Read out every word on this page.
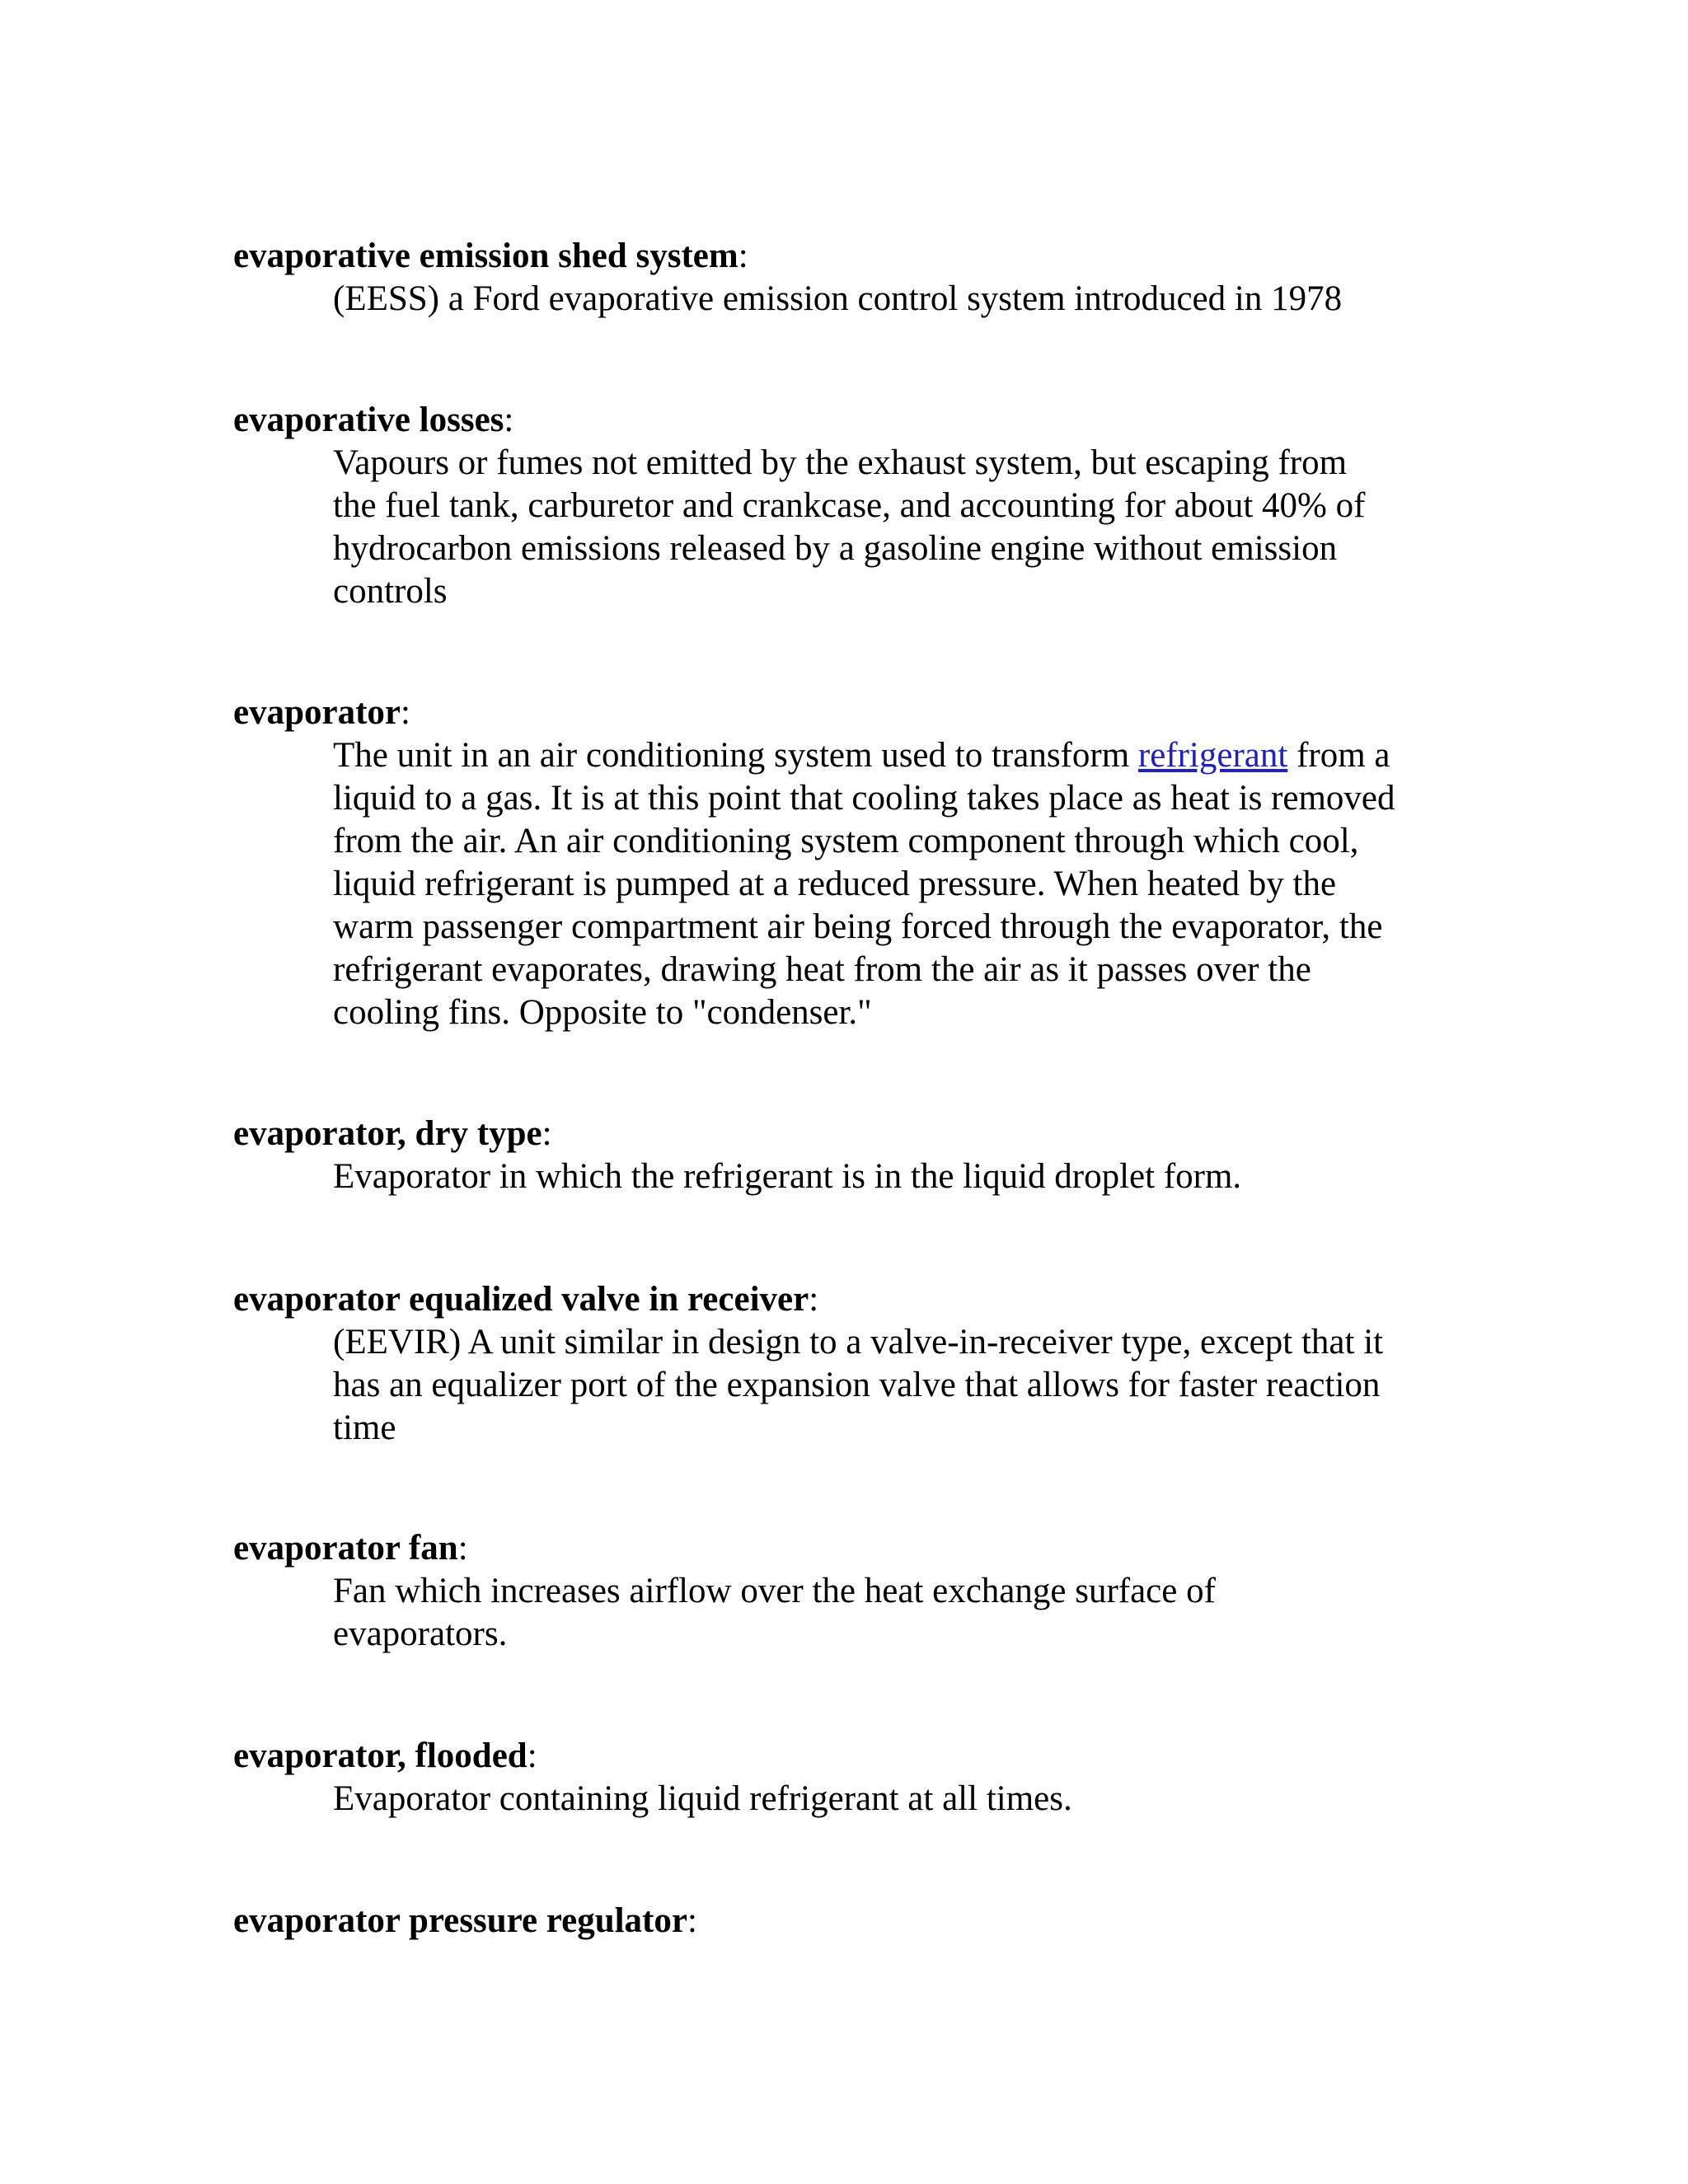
evaporative emission shed system:

(EESS) a Ford evaporative emission control system introduced in 1978

evaporative losses:

Vapours or fumes not emitted by the exhaust system, but escaping from
the fuel tank, carburetor and crankcase, and accounting for about 40% of
hydrocarbon emissions released by a gasoline engine without emission
controls

evaporator:

The unit in an air conditioning system used to transform refrigerant from a
liquid to a gas. It is at this point that cooling takes place as heat is removed
from the air. An air conditioning system component through which cool,
liquid refrigerant is pumped at a reduced pressure. When heated by the
warm passenger compartment air being forced through the evaporator, the
refrigerant evaporates, drawing heat from the air as it passes over the
cooling fins. Opposite to "condenser."

evaporator, dry type:

Evaporator in which the refrigerant is in the liquid droplet form.

evaporator equalized valve in receiver:

(EEVIR) A unit similar in design to a valve-in-receiver type, except that it
has an equalizer port of the expansion valve that allows for faster reaction
time

evaporator fan:

Fan which increases airflow over the heat exchange surface of
evaporators.

evaporator, flooded:

Evaporator containing liquid refrigerant at all times.

evaporator pressure regulator:
